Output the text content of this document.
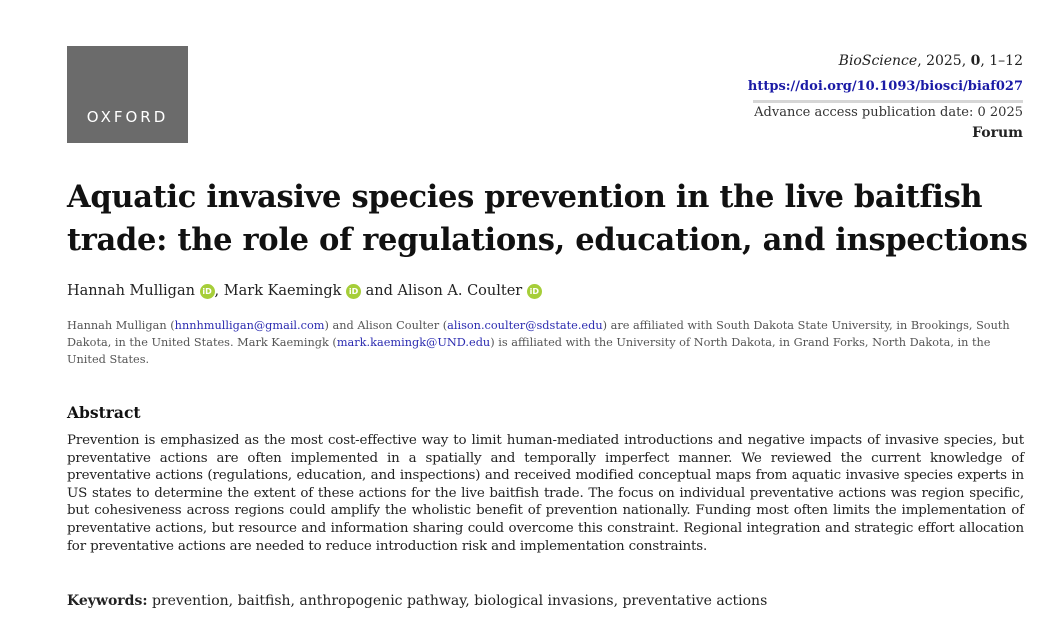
OXFORD
BioScience, 2025, 0, 1–12
https://doi.org/10.1093/biosci/biaf027
Advance access publication date: 0 2025
Forum
Aquatic invasive species prevention in the live baitfish trade: the role of regulations, education, and inspections
Hannah Mulligan iD , Mark Kaemingk iD and Alison A. Coulter iD
Hannah Mulligan (hnnhmulligan@gmail.com) and Alison Coulter (alison.coulter@sdstate.edu) are affiliated with South Dakota State University, in Brookings, South Dakota, in the United States. Mark Kaemingk (mark.kaemingk@UND.edu) is affiliated with the University of North Dakota, in Grand Forks, North Dakota, in the United States.
Abstract

Prevention is emphasized as the most cost-effective way to limit human-mediated introductions and negative impacts of invasive species, but preventative actions are often implemented in a spatially and temporally imperfect manner. We reviewed the current knowledge of preventative actions (regulations, education, and inspections) and received modified conceptual maps from aquatic invasive species experts in US states to determine the extent of these actions for the live baitfish trade. The focus on individual preventative actions was region specific, but cohesiveness across regions could amplify the wholistic benefit of prevention nationally. Funding most often limits the implementation of preventative actions, but resource and information sharing could overcome this constraint. Regional integration and strategic effort allocation for preventative actions are needed to reduce introduction risk and implementation constraints.

Keywords: prevention, baitfish, anthropogenic pathway, biological invasions, preventative actions
